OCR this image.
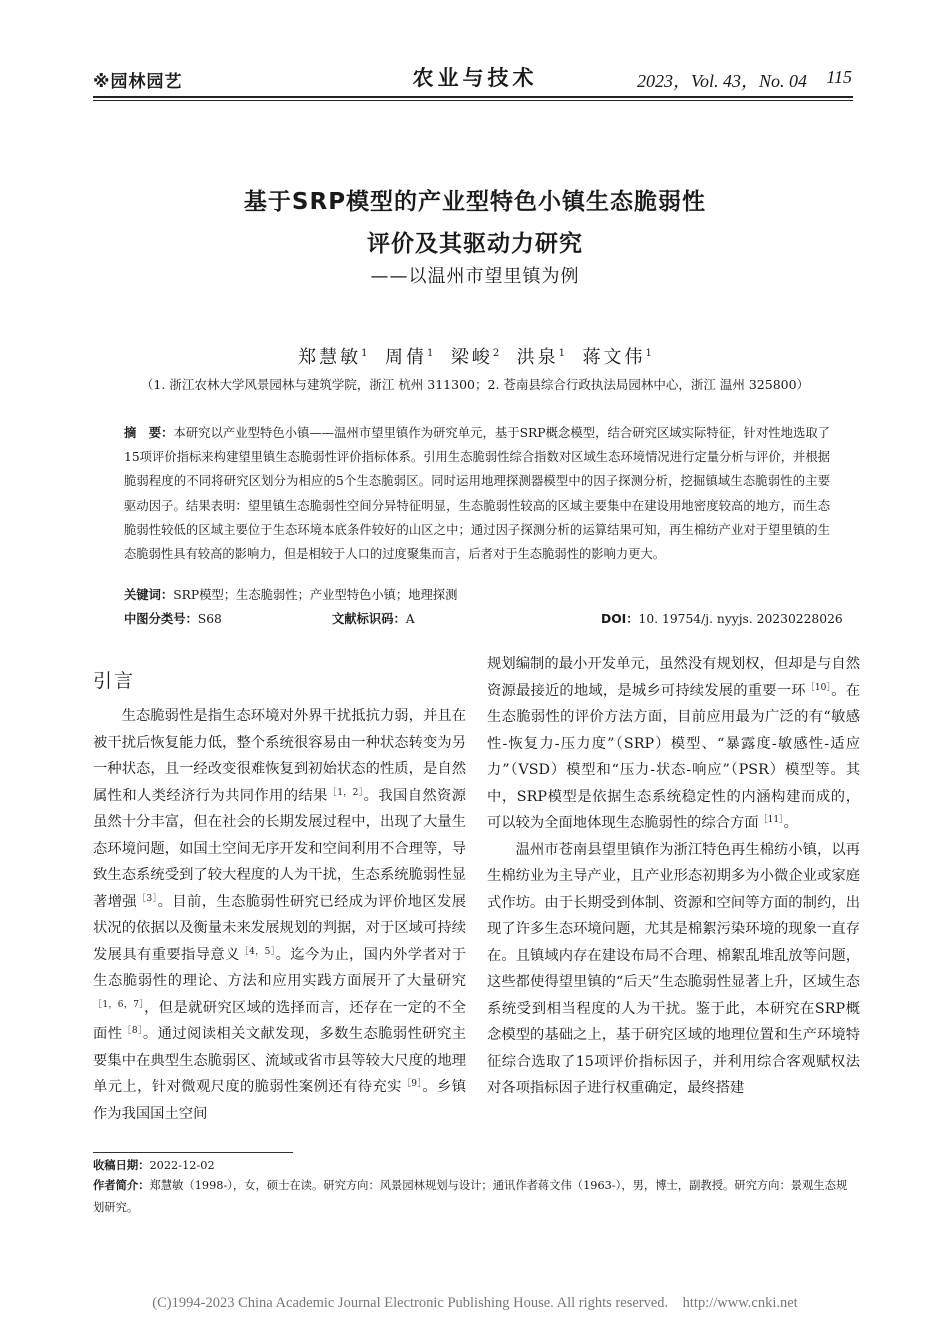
※园林园艺	农业与技术	2023，Vol. 43，No. 04 115
基于SRP模型的产业型特色小镇生态脆弱性
评价及其驱动力研究
——以温州市望里镇为例
郑慧敏$^1$ 周倩$^1$ 梁峻$^2$ 洪泉$^1$ 蒋文伟$^1$
（1. 浙江农林大学风景园林与建筑学院，浙江 杭州 311300；2. 苍南县综合行政执法局园林中心，浙江 温州 325800）
摘　要：本研究以产业型特色小镇——温州市望里镇作为研究单元，基于SRP概念模型，结合研究区域实际特征，针对性地选取了15项评价指标来构建望里镇生态脆弱性评价指标体系。引用生态脆弱性综合指数对区域生态环境情况进行定量分析与评价，并根据脆弱程度的不同将研究区划分为相应的5个生态脆弱区。同时运用地理探测器模型中的因子探测分析，挖掘镇域生态脆弱性的主要驱动因子。结果表明：望里镇生态脆弱性空间分异特征明显，生态脆弱性较高的区域主要集中在建设用地密度较高的地方，而生态脆弱性较低的区域主要位于生态环境本底条件较好的山区之中；通过因子探测分析的运算结果可知，再生棉纺产业对于望里镇的生态脆弱性具有较高的影响力，但是相较于人口的过度聚集而言，后者对于生态脆弱性的影响力更大。
关键词：SRP模型；生态脆弱性；产业型特色小镇；地理探测
中图分类号：S68	文献标识码：A	DOI：10. 19754/j. nyyjs. 20230228026
引言

生态脆弱性是指生态环境对外界干扰抵抗力弱，并且在被干扰后恢复能力低，整个系统很容易由一种状态转变为另一种状态，且一经改变很难恢复到初始状态的性质，是自然属性和人类经济行为共同作用的结果$^{[1,2]}$。我国自然资源虽然十分丰富，但在社会的长期发展过程中，出现了大量生态环境问题，如国土空间无序开发和空间利用不合理等，导致生态系统受到了较大程度的人为干扰，生态系统脆弱性显著增强$^{[3]}$。目前，生态脆弱性研究已经成为评价地区发展状况的依据以及衡量未来发展规划的判据，对于区域可持续发展具有重要指导意义$^{[4,5]}$。迄今为止，国内外学者对于生态脆弱性的理论、方法和应用实践方面展开了大量研究$^{[1,6,7]}$，但是就研究区域的选择而言，还存在一定的不全面性$^{[8]}$。通过阅读相关文献发现，多数生态脆弱性研究主要集中在典型生态脆弱区、流域或省市县等较大尺度的地理单元上，针对微观尺度的脆弱性案例还有待充实$^{[9]}$。乡镇作为我国国土空间

规划编制的最小开发单元，虽然没有规划权，但却是与自然资源最接近的地域，是城乡可持续发展的重要一环$^{[10]}$。在生态脆弱性的评价方法方面，目前应用最为广泛的有“敏感性-恢复力-压力度”（SRP）模型、“暴露度-敏感性-适应力”（VSD）模型和“压力-状态-响应”（PSR）模型等。其中，SRP模型是依据生态系统稳定性的内涵构建而成的，可以较为全面地体现生态脆弱性的综合方面$^{[11]}$。

温州市苍南县望里镇作为浙江特色再生棉纺小镇，以再生棉纺业为主导产业，且产业形态初期多为小微企业或家庭式作坊。由于长期受到体制、资源和空间等方面的制约，出现了许多生态环境问题，尤其是棉絮污染环境的现象一直存在。且镇域内存在建设布局不合理、棉絮乱堆乱放等问题，这些都使得望里镇的“后天”生态脆弱性显著上升，区域生态系统受到相当程度的人为干扰。鉴于此，本研究在SRP概念模型的基础之上，基于研究区域的地理位置和生产环境特征综合选取了15项评价指标因子，并利用综合客观赋权法对各项指标因子进行权重确定，最终搭建

收稿日期：2022-12-02
作者简介：郑慧敏（1998-），女，硕士在读。研究方向：风景园林规划与设计；通讯作者蒋文伟（1963-），男，博士，副教授。研究方向：景观生态规划研究。
(C)1994-2023 China Academic Journal Electronic Publishing House. All rights reserved.    http://www.cnki.net
